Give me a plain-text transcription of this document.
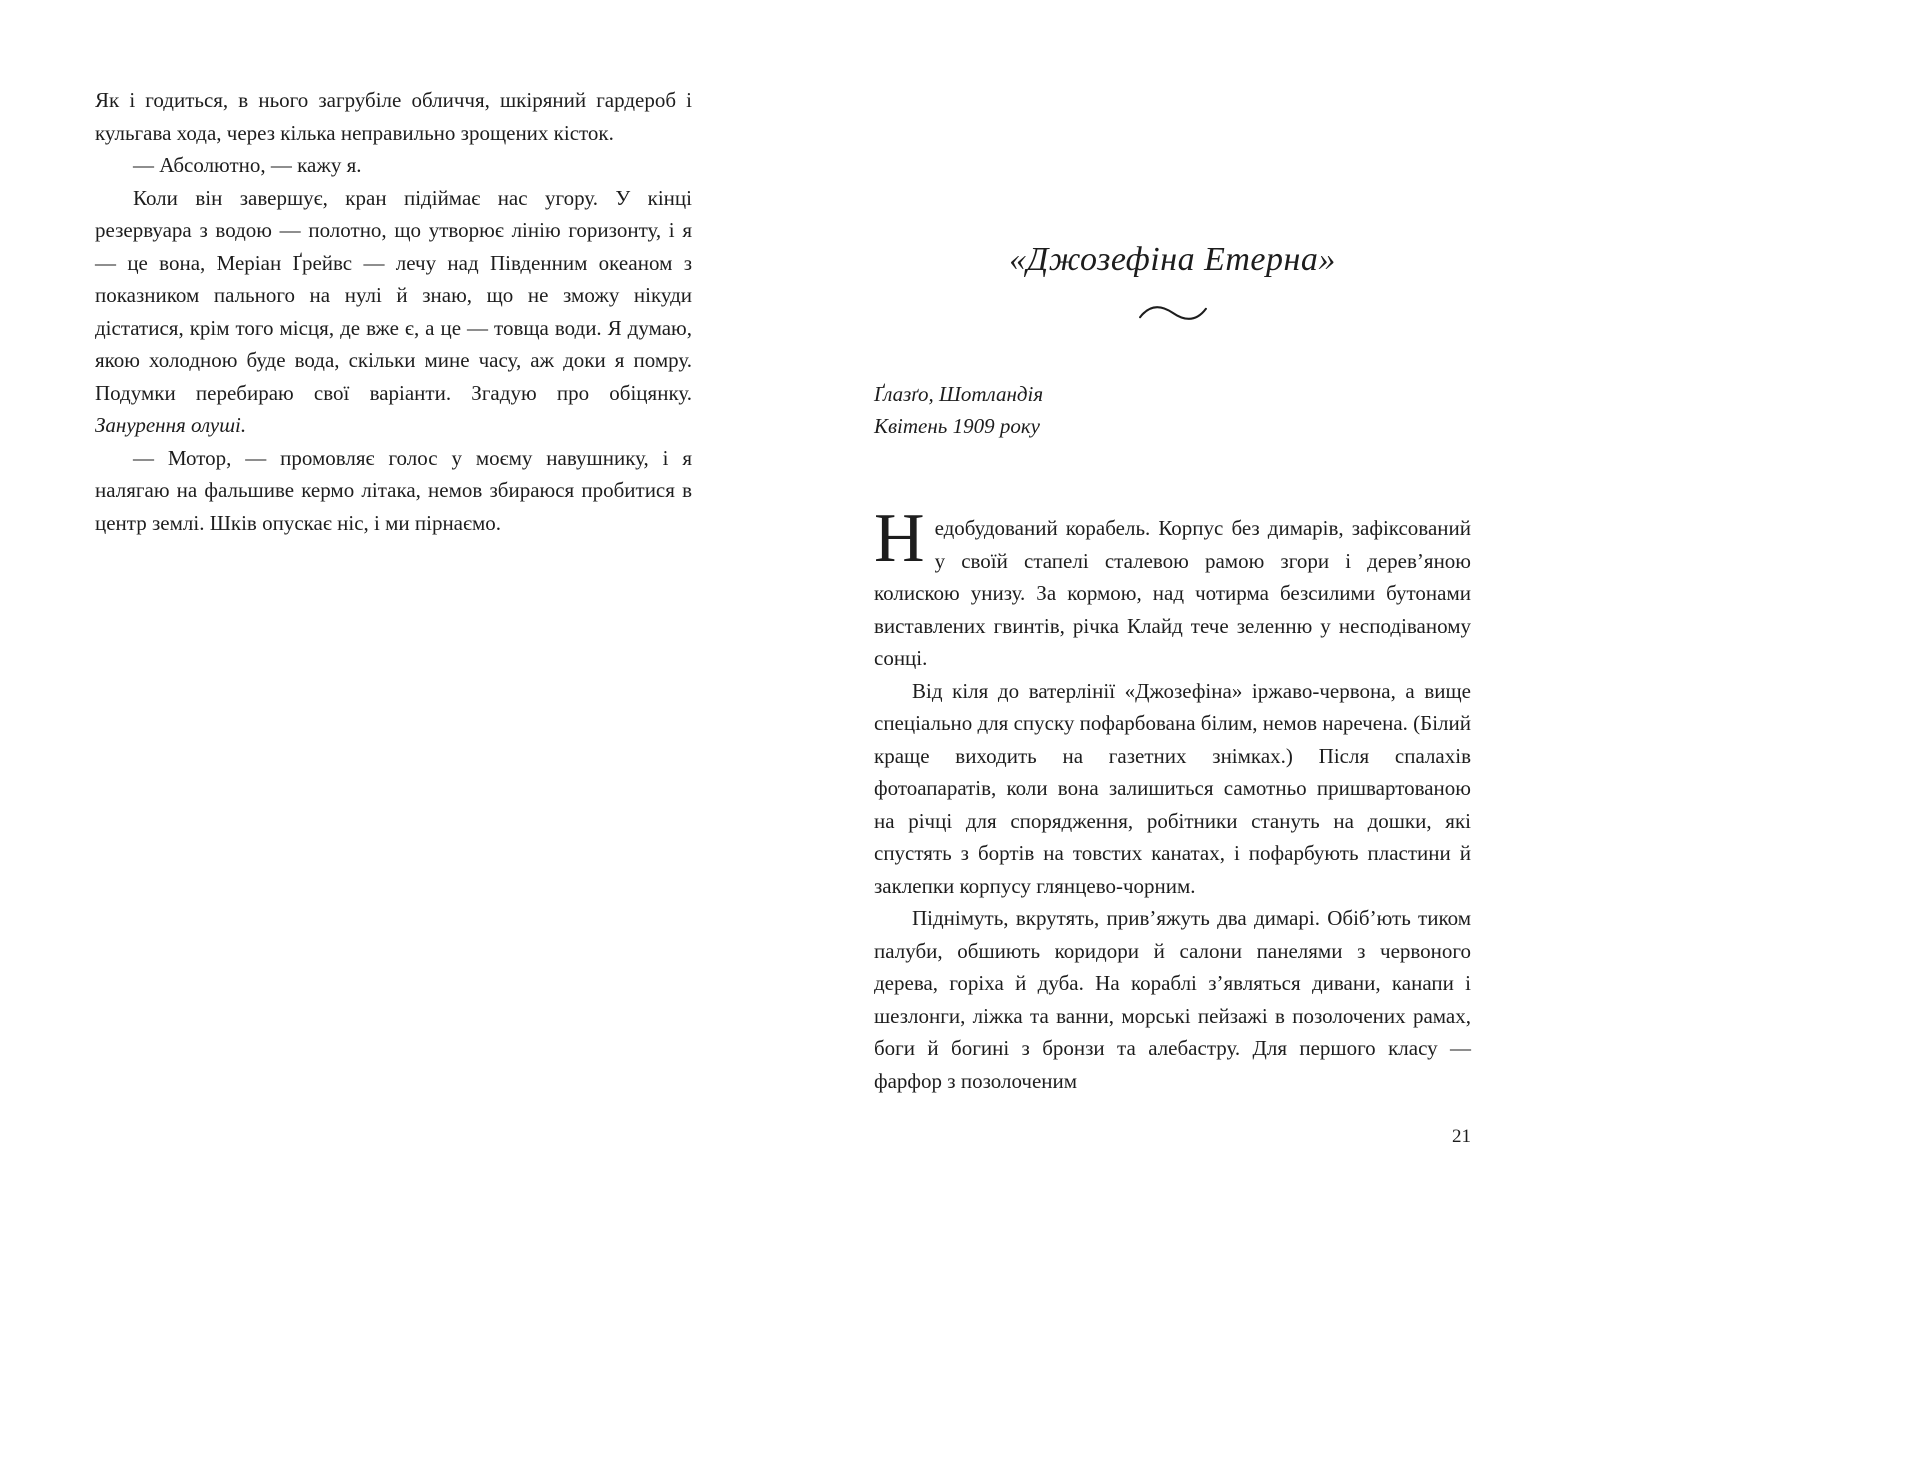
Як і годиться, в нього загрубіле обличчя, шкіряний гардероб і кульгава хода, через кілька неправильно зрощених кісток.

— Абсолютно, — кажу я.

Коли він завершує, кран підіймає нас угору. У кінці резервуара з водою — полотно, що утворює лінію горизонту, і я — це вона, Меріан Ґрейвс — лечу над Південним океаном з показником пального на нулі й знаю, що не зможу нікуди дістатися, крім того місця, де вже є, а це — товща води. Я думаю, якою холодною буде вода, скільки мине часу, аж доки я помру. Подумки перебираю свої варіанти. Згадую про обіцянку. Занурення олуші.

— Мотор, — промовляє голос у моєму навушнику, і я налягаю на фальшиве кермо літака, немов збираюся пробитися в центр землі. Шків опускає ніс, і ми пірнаємо.

«Джозефіна Етерна»
Ґлазґо, Шотландія
Квітень 1909 року

Недобудований корабель. Корпус без димарів, зафіксований у своїй стапелі сталевою рамою згори і дерев’яною колискою унизу. За кормою, над чотирма безсилими бутонами виставлених гвинтів, річка Клайд тече зеленню у несподіваному сонці.

Від кіля до ватерлінії «Джозефіна» іржаво-червона, а вище спеціально для спуску пофарбована білим, немов наречена. (Білий краще виходить на газетних знімках.) Після спалахів фотоапаратів, коли вона залишиться самотньо пришвартованою на річці для спорядження, робітники стануть на дошки, які спустять з бортів на товстих канатах, і пофарбують пластини й заклепки корпусу глянцево-чорним.

Піднімуть, вкрутять, прив’яжуть два димарі. Обіб’ють тиком палуби, обшиють коридори й салони панелями з червоного дерева, горіха й дуба. На кораблі з’являться дивани, канапи і шезлонги, ліжка та ванни, морські пейзажі в позолочених рамах, боги й богині з бронзи та алебастру. Для першого класу — фарфор з позолоченим

21
